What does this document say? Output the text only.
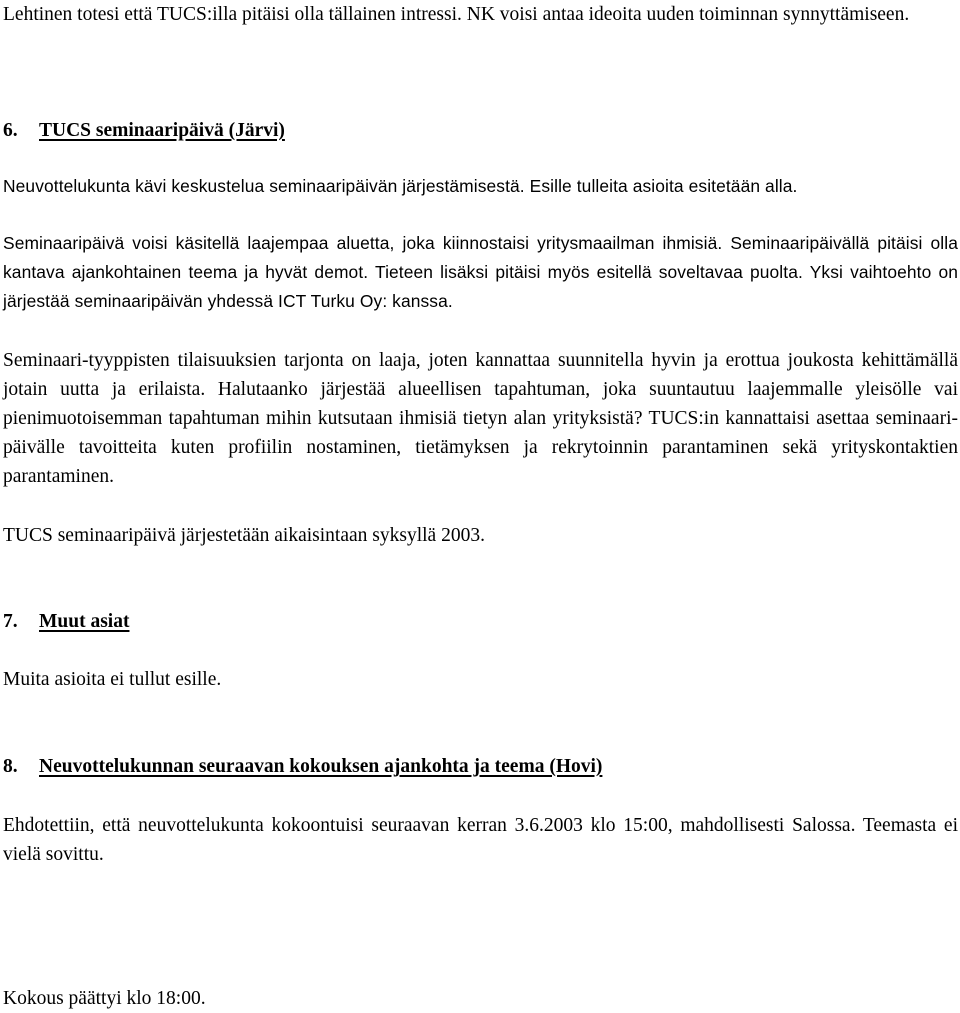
Lehtinen totesi että TUCS:illa pitäisi olla tällainen intressi. NK voisi antaa ideoita uuden toiminnan synnyttämiseen.

6. TUCS seminaaripäivä (Järvi)

Neuvottelukunta kävi keskustelua seminaaripäivän järjestämisestä. Esille tulleita asioita esitetään alla.

Seminaaripäivä voisi käsitellä laajempaa aluetta, joka kiinnostaisi yritysmaailman ihmisiä. Seminaaripäivällä pitäisi olla kantava ajankohtainen teema ja hyvät demot. Tieteen lisäksi pitäisi myös esitellä soveltavaa puolta. Yksi vaihtoehto on järjestää seminaaripäivän yhdessä ICT Turku Oy: kanssa.

Seminaari-tyyppisten tilaisuuksien tarjonta on laaja, joten kannattaa suunnitella hyvin ja erottua joukosta kehittämällä jotain uutta ja erilaista. Halutaanko järjestää alueellisen tapahtuman, joka suuntautuu laajemmalle yleisölle vai pienimuotoisemman tapahtuman mihin kutsutaan ihmisiä tietyn alan yrityksistä? TUCS:in kannattaisi asettaa seminaari-päivälle tavoitteita kuten profiilin nostaminen, tietämyksen ja rekrytoinnin parantaminen sekä yrityskontaktien parantaminen.

TUCS seminaaripäivä järjestetään aikaisintaan syksyllä 2003.

7. Muut asiat

Muita asioita ei tullut esille.

8. Neuvottelukunnan seuraavan kokouksen ajankohta ja teema (Hovi)

Ehdotettiin, että neuvottelukunta kokoontuisi seuraavan kerran 3.6.2003 klo 15:00, mahdollisesti Salossa. Teemasta ei vielä sovittu.

Kokous päättyi klo 18:00.
